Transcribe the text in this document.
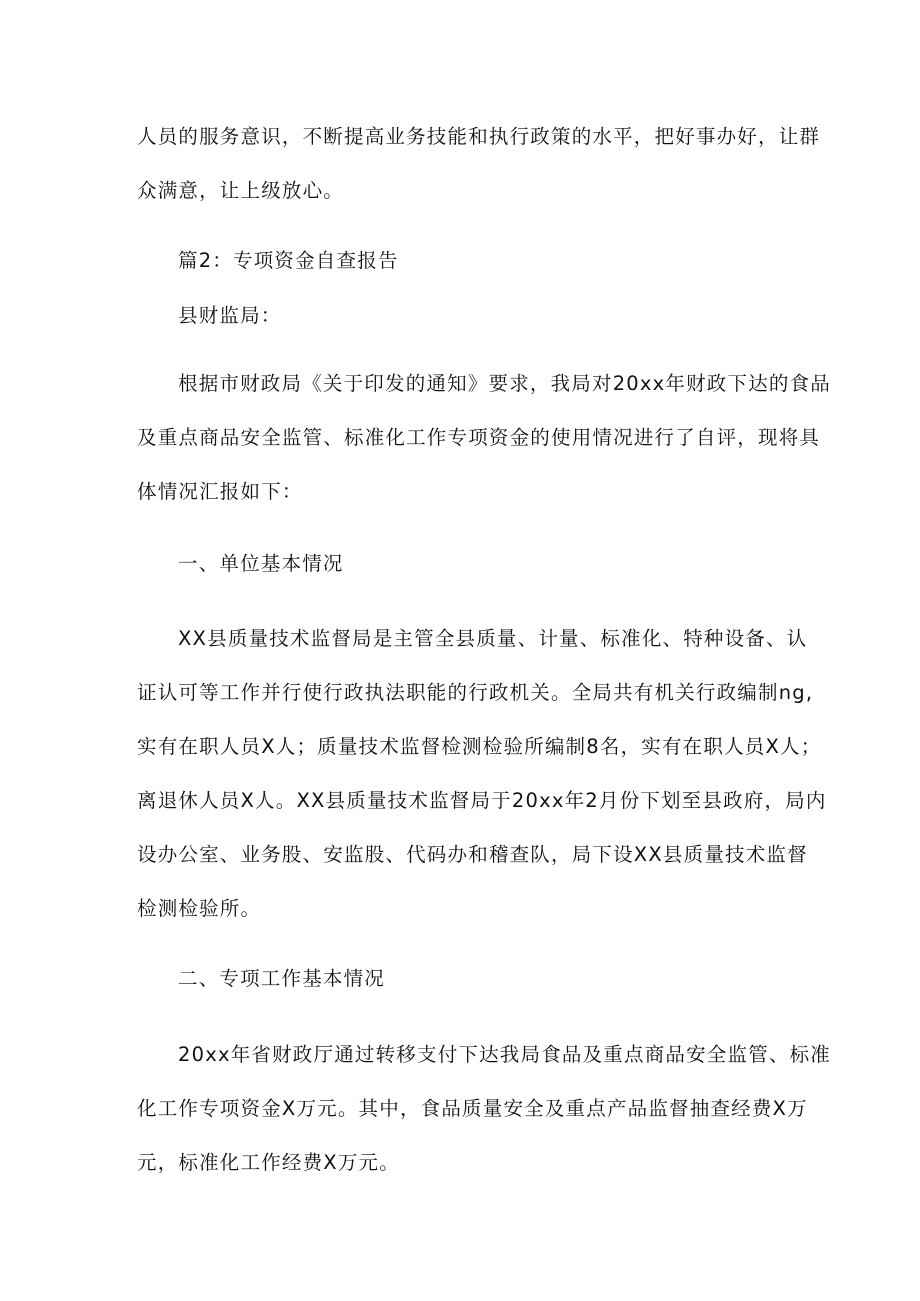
人员的服务意识，不断提高业务技能和执行政策的水平，把好事办好，让群
众满意，让上级放心。

篇2：专项资金自查报告

县财监局：

根据市财政局《关于印发的通知》要求，我局对20xx年财政下达的食品
及重点商品安全监管、标准化工作专项资金的使用情况进行了自评，现将具
体情况汇报如下：

一、单位基本情况

XX县质量技术监督局是主管全县质量、计量、标准化、特种设备、认
证认可等工作并行使行政执法职能的行政机关。全局共有机关行政编制ng,
实有在职人员X人；质量技术监督检测检验所编制8名，实有在职人员X人；
离退休人员X人。XX县质量技术监督局于20xx年2月份下划至县政府，局内
设办公室、业务股、安监股、代码办和稽查队，局下设XX县质量技术监督
检测检验所。

二、专项工作基本情况

20xx年省财政厅通过转移支付下达我局食品及重点商品安全监管、标准
化工作专项资金X万元。其中，食品质量安全及重点产品监督抽查经费X万
元，标准化工作经费X万元。
